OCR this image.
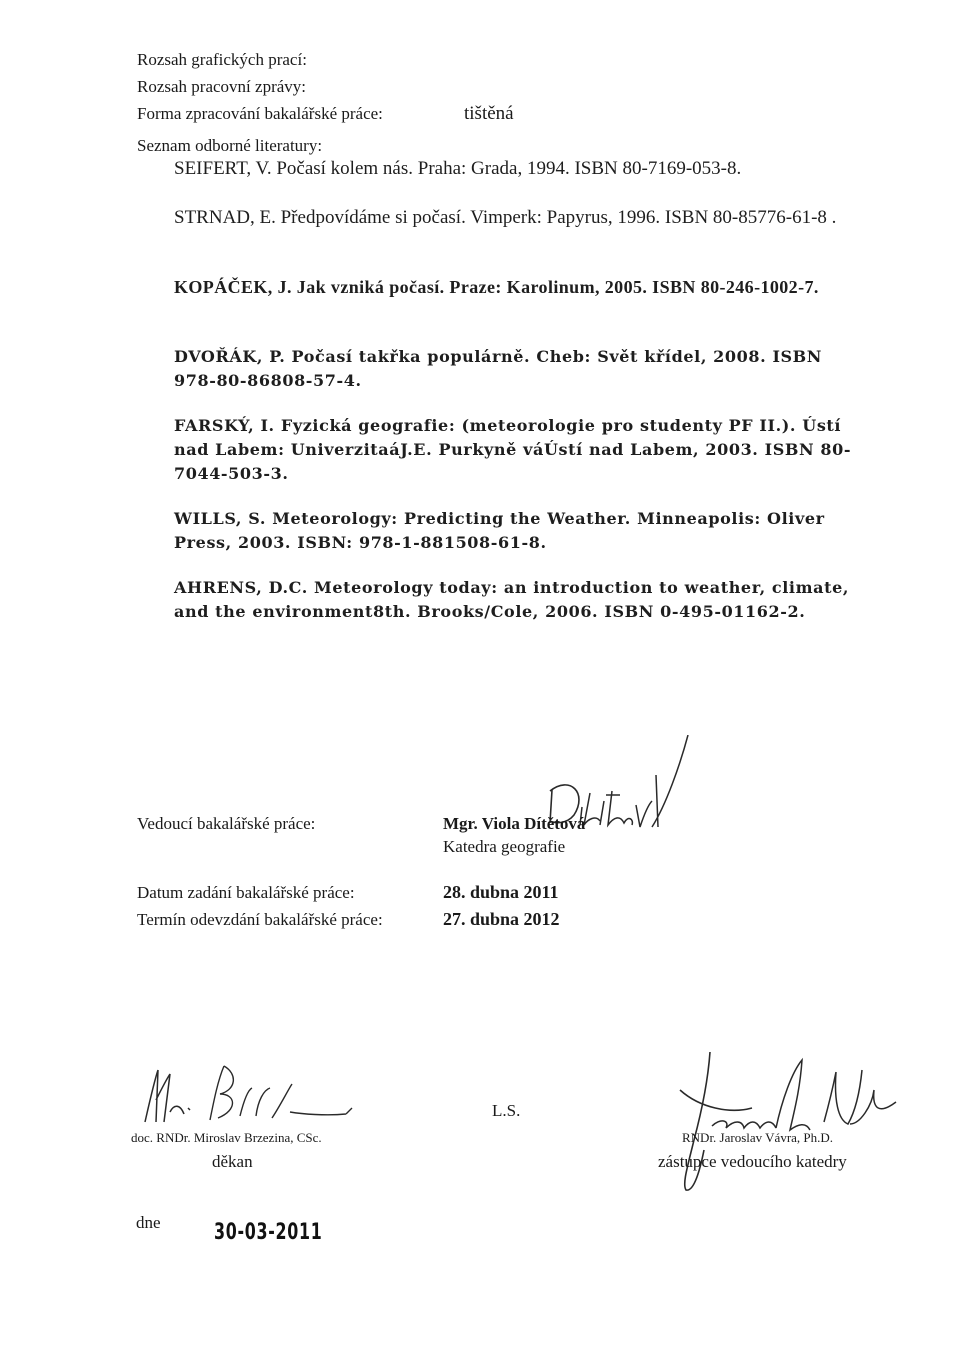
Rozsah grafických prací:
Rozsah pracovní zprávy:
Forma zpracování bakalářské práce:	tištěná
Seznam odborné literatury:
SEIFERT, V. Počasí kolem nás. Praha: Grada, 1994. ISBN 80-7169-053-8.
STRNAD, E. Předpovídáme si počasí. Vimperk: Papyrus, 1996. ISBN 80-85776-61-8 .
KOPÁČEK, J. Jak vzniká počasí. Praze: Karolinum, 2005. ISBN 80-246-1002-7.
DVOŘÁK, P. Počasí takřka populárně. Cheb: Svět křídel, 2008. ISBN 978-80-86808-57-4.
FARSKÝ, I. Fyzická geografie: (meteorologie pro studenty PF II.). Ústí nad Labem: UniverzitaáJ.E. Purkyně váÚstí nad Labem, 2003. ISBN 80-7044-503-3.
WILLS, S. Meteorology: Predicting the Weather. Minneapolis: Oliver Press, 2003. ISBN: 978-1-881508-61-8.
AHRENS, D.C. Meteorology today: an introduction to weather, climate, and the environment8th. Brooks/Cole, 2006. ISBN 0-495-01162-2.
Vedoucí bakalářské práce:	Mgr. Viola Dítětová
Katedra geografie
Datum zadání bakalářské práce:	28. dubna 2011
Termín odevzdání bakalářské práce:	27. dubna 2012
doc. RNDr. Miroslav Brzezina, CSc.
děkan
L.S.
RNDr. Jaroslav Vávra, Ph.D.
zástupce vedoucího katedry
dne 30-03-2011
